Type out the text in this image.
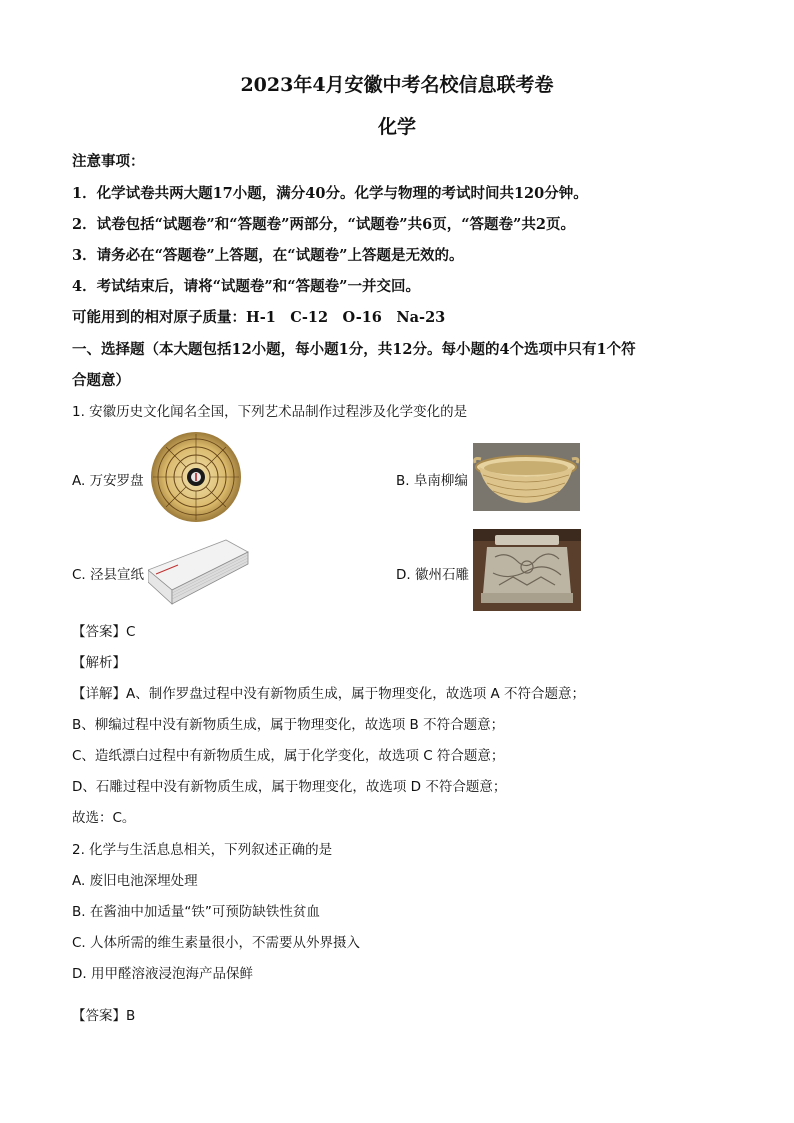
2023年4月安徽中考名校信息联考卷
化学
注意事项：
1．化学试卷共两大题17小题，满分40分。化学与物理的考试时间共120分钟。
2．试卷包括“试题卷”和“答题卷”两部分，“试题卷”共6页，“答题卷”共2页。
3．请务必在“答题卷”上答题，在“试题卷”上答题是无效的。
4．考试结束后，请将“试题卷”和“答题卷”一并交回。
可能用到的相对原子质量：H-1　C-12　O-16　Na-23
一、选择题（本大题包括12小题，每小题1分，共12分。每小题的4个选项中只有1个符
合题意）
1. 安徽历史文化闻名全国，下列艺术品制作过程涉及化学变化的是
A. 万安罗盘	B. 阜南柳编
C. 泾县宣纸	D. 徽州石雕
【答案】C
【解析】
【详解】A、制作罗盘过程中没有新物质生成，属于物理变化，故选项 A 不符合题意；
B、柳编过程中没有新物质生成，属于物理变化，故选项 B 不符合题意；
C、造纸漂白过程中有新物质生成，属于化学变化，故选项 C 符合题意；
D、石雕过程中没有新物质生成，属于物理变化，故选项 D 不符合题意；
故选：C。
2. 化学与生活息息相关，下列叙述正确的是
A. 废旧电池深埋处理
B. 在酱油中加适量“铁”可预防缺铁性贫血
C. 人体所需的维生素量很小，不需要从外界摄入
D. 用甲醛溶液浸泡海产品保鲜
【答案】B
